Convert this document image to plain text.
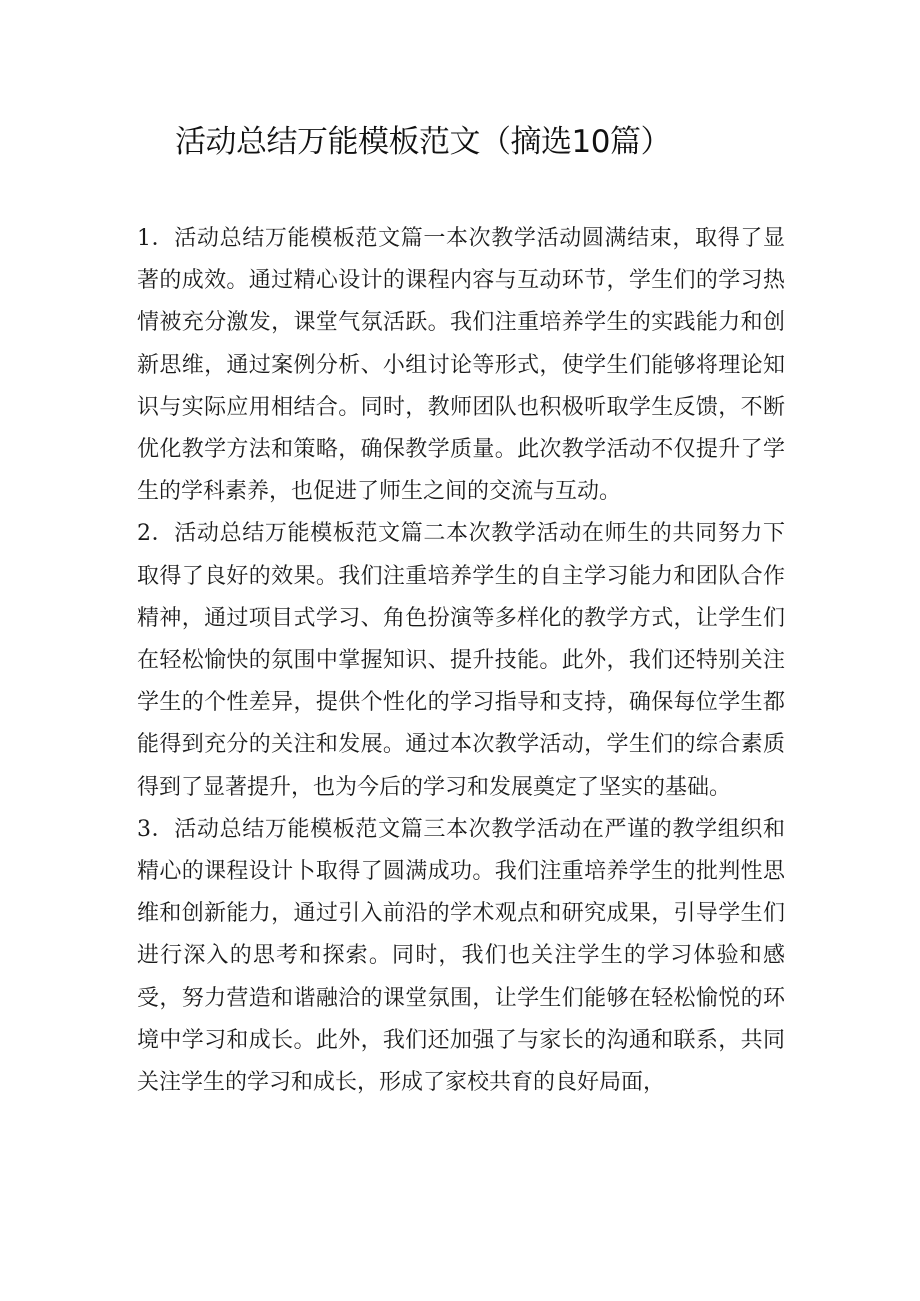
活动总结万能模板范文（摘选10篇）

1．活动总结万能模板范文篇一本次教学活动圆满结束，取得了显著的成效。通过精心设计的课程内容与互动环节，学生们的学习热情被充分激发，课堂气氛活跃。我们注重培养学生的实践能力和创新思维，通过案例分析、小组讨论等形式，使学生们能够将理论知识与实际应用相结合。同时，教师团队也积极听取学生反馈，不断优化教学方法和策略，确保教学质量。此次教学活动不仅提升了学生的学科素养，也促进了师生之间的交流与互动。

2．活动总结万能模板范文篇二本次教学活动在师生的共同努力下取得了良好的效果。我们注重培养学生的自主学习能力和团队合作精神，通过项目式学习、角色扮演等多样化的教学方式，让学生们在轻松愉快的氛围中掌握知识、提升技能。此外，我们还特别关注学生的个性差异，提供个性化的学习指导和支持，确保每位学生都能得到充分的关注和发展。通过本次教学活动，学生们的综合素质得到了显著提升，也为今后的学习和发展奠定了坚实的基础。

3．活动总结万能模板范文篇三本次教学活动在严谨的教学组织和精心的课程设计卜取得了圆满成功。我们注重培养学生的批判性思维和创新能力，通过引入前沿的学术观点和研究成果，引导学生们进行深入的思考和探索。同时，我们也关注学生的学习体验和感受，努力营造和谐融洽的课堂氛围，让学生们能够在轻松愉悦的环境中学习和成长。此外，我们还加强了与家长的沟通和联系，共同关注学生的学习和成长，形成了家校共育的良好局面，
